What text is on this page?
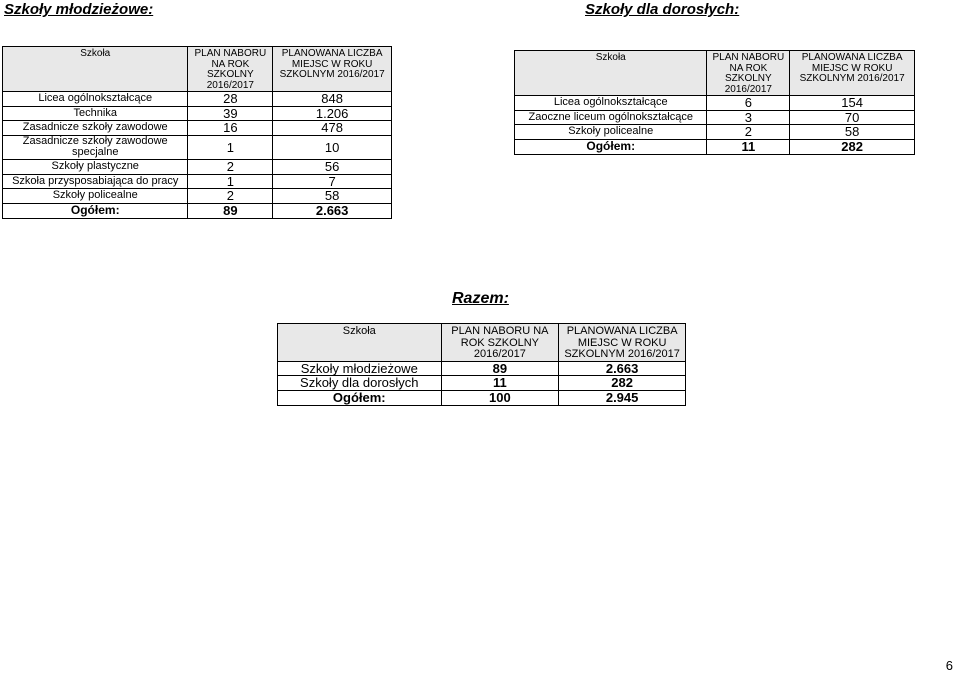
Szkoły młodzieżowe:	Szkoły dla dorosłych:
Razem:
Szkoła	PLAN NABORU NA ROK SZKOLNY 2016/2017	PLANOWANA LICZBA MIEJSC W ROKU SZKOLNYM 2016/2017
Licea ogólnokształcące	28	848
Technika	39	1.206
Zasadnicze szkoły zawodowe	16	478
Zasadnicze szkoły zawodowe specjalne	1	10
Szkoły plastyczne	2	56
Szkoła przysposabiająca do pracy	1	7
Szkoły policealne	2	58
Ogółem:	89	2.663
Szkoła	PLAN NABORU NA ROK SZKOLNY 2016/2017	PLANOWANA LICZBA MIEJSC W ROKU SZKOLNYM 2016/2017
Licea ogólnokształcące	6	154
Zaoczne liceum ogólnokształcące	3	70
Szkoły policealne	2	58
Ogółem:	11	282
Szkoła	PLAN NABORU NA ROK SZKOLNY 2016/2017	PLANOWANA LICZBA MIEJSC W ROKU SZKOLNYM 2016/2017
Szkoły młodzieżowe	89	2.663
Szkoły dla dorosłych	11	282
Ogółem:	100	2.945
6
